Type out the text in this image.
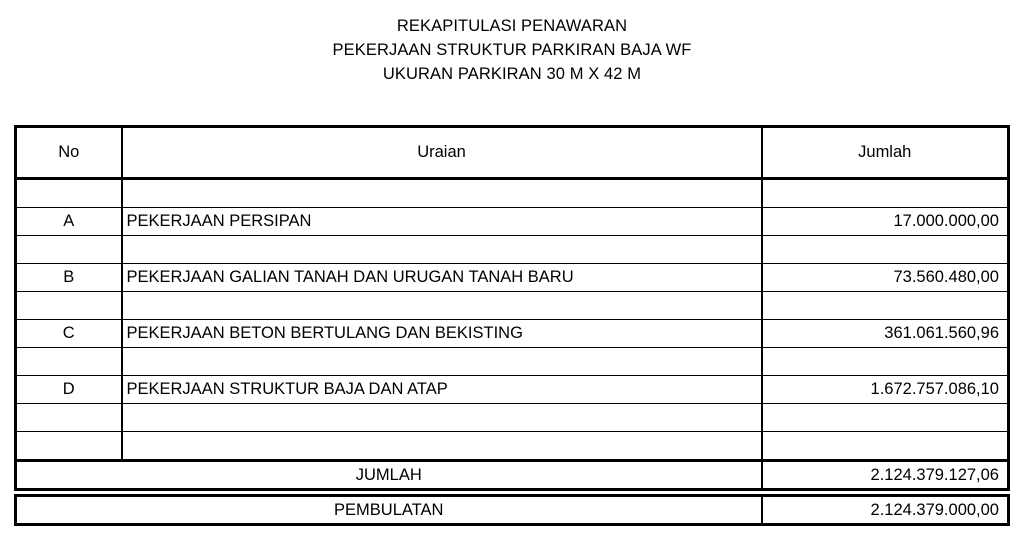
REKAPITULASI PENAWARAN
PEKERJAAN STRUKTUR PARKIRAN BAJA WF
UKURAN PARKIRAN 30 M X 42 M
No	Uraian	Jumlah

A	PEKERJAAN PERSIPAN	17.000.000,00

B	PEKERJAAN GALIAN TANAH DAN URUGAN TANAH BARU	73.560.480,00

C	PEKERJAAN BETON BERTULANG DAN BEKISTING	361.061.560,96

D	PEKERJAAN STRUKTUR BAJA DAN ATAP	1.672.757.086,10

JUMLAH		2.124.379.127,06

PEMBULATAN		2.124.379.000,00
